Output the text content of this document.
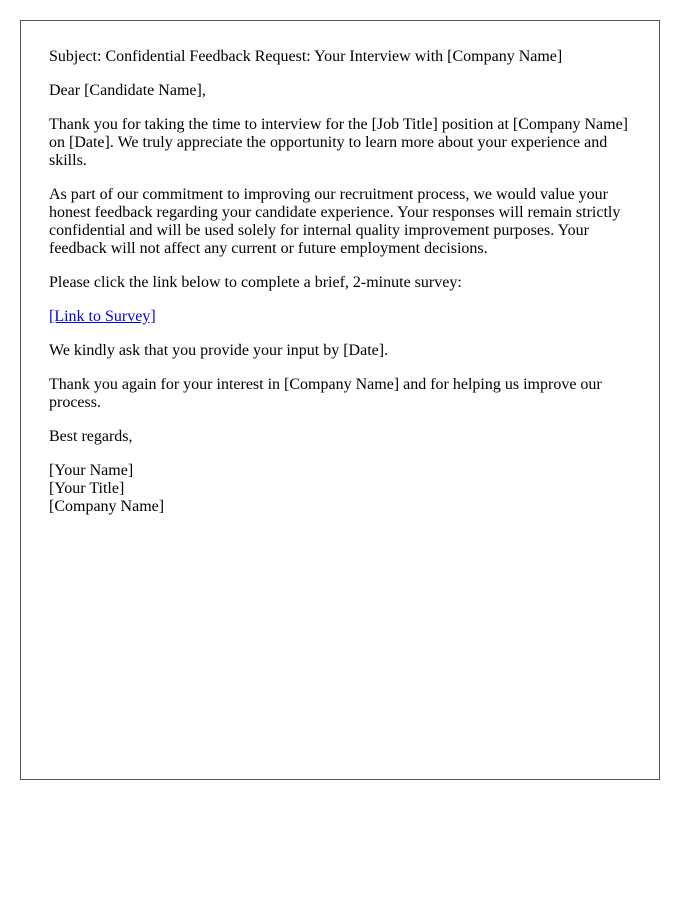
Subject: Confidential Feedback Request: Your Interview with [Company Name]

Dear [Candidate Name],

Thank you for taking the time to interview for the [Job Title] position at [Company Name] on [Date]. We truly appreciate the opportunity to learn more about your experience and skills.

As part of our commitment to improving our recruitment process, we would value your honest feedback regarding your candidate experience. Your responses will remain strictly confidential and will be used solely for internal quality improvement purposes. Your feedback will not affect any current or future employment decisions.

Please click the link below to complete a brief, 2-minute survey:

[Link to Survey]

We kindly ask that you provide your input by [Date].

Thank you again for your interest in [Company Name] and for helping us improve our process.

Best regards,

[Your Name]
[Your Title]
[Company Name]
